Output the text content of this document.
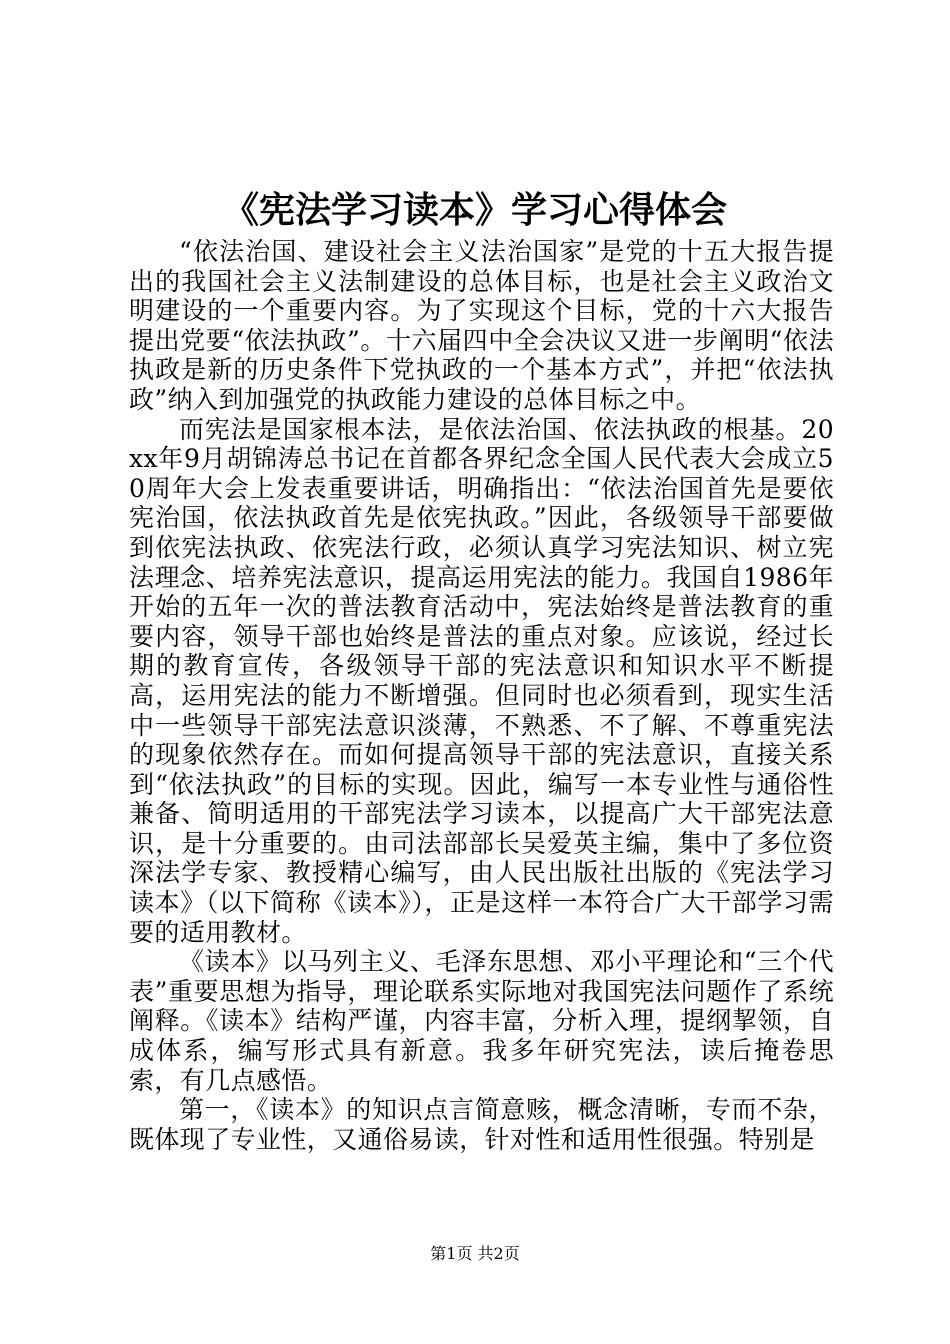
《宪法学习读本》学习心得体会

“依法治国、建设社会主义法治国家”是党的十五大报告提出的我国社会主义法制建设的总体目标，也是社会主义政治文明建设的一个重要内容。为了实现这个目标，党的十六大报告提出党要“依法执政”。十六届四中全会决议又进一步阐明“依法执政是新的历史条件下党执政的一个基本方式”，并把“依法执政”纳入到加强党的执政能力建设的总体目标之中。

而宪法是国家根本法，是依法治国、依法执政的根基。20xx年9月胡锦涛总书记在首都各界纪念全国人民代表大会成立50周年大会上发表重要讲话，明确指出：“依法治国首先是要依宪治国，依法执政首先是依宪执政。”因此，各级领导干部要做到依宪法执政、依宪法行政，必须认真学习宪法知识、树立宪法理念、培养宪法意识，提高运用宪法的能力。我国自1986年开始的五年一次的普法教育活动中，宪法始终是普法教育的重要内容，领导干部也始终是普法的重点对象。应该说，经过长期的教育宣传，各级领导干部的宪法意识和知识水平不断提高，运用宪法的能力不断增强。但同时也必须看到，现实生活中一些领导干部宪法意识淡薄，不熟悉、不了解、不尊重宪法的现象依然存在。而如何提高领导干部的宪法意识，直接关系到“依法执政”的目标的实现。因此，编写一本专业性与通俗性兼备、简明适用的干部宪法学习读本，以提高广大干部宪法意识，是十分重要的。由司法部部长吴爱英主编，集中了多位资深法学专家、教授精心编写，由人民出版社出版的《宪法学习读本》（以下简称《读本》），正是这样一本符合广大干部学习需要的适用教材。

《读本》以马列主义、毛泽东思想、邓小平理论和“三个代表”重要思想为指导，理论联系实际地对我国宪法问题作了系统阐释。《读本》结构严谨，内容丰富，分析入理，提纲挈领，自成体系，编写形式具有新意。我多年研究宪法，读后掩卷思索，有几点感悟。

第一，《读本》的知识点言简意赅，概念清晰，专而不杂，既体现了专业性，又通俗易读，针对性和适用性很强。特别是

第1页 共2页
